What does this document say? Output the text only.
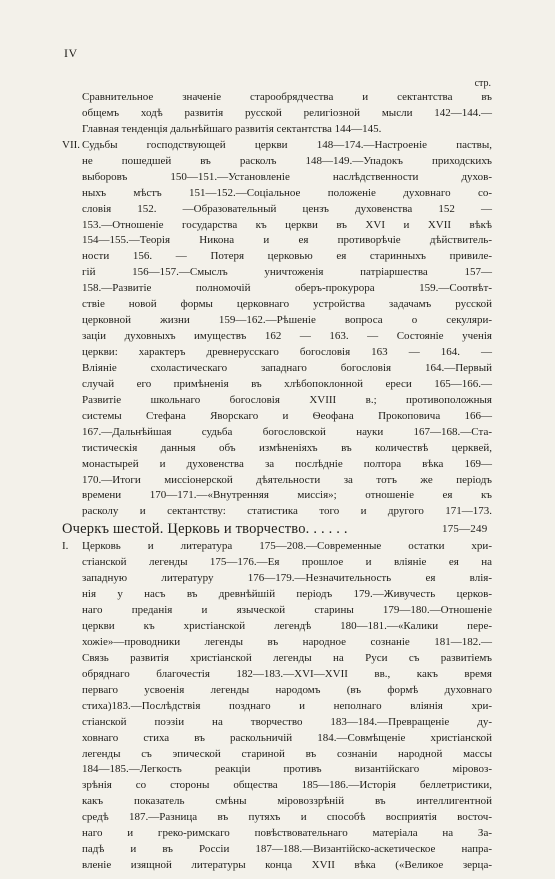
IV
стр.
Сравнительное значеніе старообрядчества и сектантства въ
общемъ ходѣ развитія русской религіозной мысли 142—144.—
Главная тенденція дальнѣйшаго развитія сектантства 144—145.
VII. Судьбы господствующей церкви 148—174.—Настроеніе паствы,
не пошедшей въ расколъ 148—149.—Упадокъ приходскихъ
выборовъ 150—151.—Установленіе наслѣдственности духов-
ныхъ мѣстъ 151—152.—Соціальное положеніе духовнаго со-
словія 152. —Образовательный цензъ духовенства 152 —
153.—Отношеніе государства къ церкви въ XVI и XVII вѣкѣ
154—155.—Теорія Никона и ея противорѣчіе дѣйствитель-
ности 156. — Потеря церковью ея старинныхъ привиле-
гій 156—157.—Смыслъ уничтоженія патріаршества 157—
158.—Развитіе полномочій оберъ-прокурора 159.—Соотвѣт-
ствіе новой формы церковнаго устройства задачамъ русской
церковной жизни 159—162.—Рѣшеніе вопроса о секуляри-
заціи духовныхъ имуществъ 162 — 163. — Состояніе ученія
церкви: характеръ древнерусскаго богословія 163 — 164. —
Вліяніе схоластическаго западнаго богословія 164.—Первый
случай его примѣненія въ хлѣбопоклонной ереси 165—166.—
Развитіе школьнаго богословія XVIII в.; противоположныя
системы Стефана Яворскаго и Ѳеофана Прокоповича 166—
167.—Дальнѣйшая судьба богословской науки 167—168.—Ста-
тистическія данныя объ измѣненіяхъ въ количествѣ церквей,
монастырей и духовенства за послѣдніе полтора вѣка 169—
170.—Итоги миссіонерской дѣятельности за тотъ же періодъ
времени 170—171.—«Внутренняя миссія»; отношеніе ея къ
расколу и сектантству: статистика того и другого 171—173.
Очеркъ шестой. Церковь и творчество. . . . . .	175—249
I. Церковь и литература 175—208.—Современные остатки хри-
стіанской легенды 175—176.—Ея прошлое и вліяніе ея на
западную литературу 176—179.—Незначительность ея влія-
нія у насъ въ древнѣйшій періодъ 179.—Живучесть церков-
наго преданія и языческой старины 179—180.—Отношеніе
церкви къ христіанской легендѣ 180—181.—«Калики пере-
хожіе»—проводники легенды въ народное сознаніе 181—182.—
Связь развитія христіанской легенды на Руси съ развитіемъ
обряднаго благочестія 182—183.—XVI—XVII вв., какъ время
перваго усвоенія легенды народомъ (въ формѣ духовнаго
стиха)183.—Послѣдствія позднаго и неполнаго вліянія хри-
стіанской поэзіи на творчество 183—184.—Превращеніе ду-
ховнаго стиха въ раскольничій 184.—Совмѣщеніе христіанской
легенды съ эпической стариной въ сознаніи народной массы
184—185.—Легкость реакціи противъ византійскаго міровоз-
зрѣнія со стороны общества 185—186.—Исторія беллетристики,
какъ показатель смѣны міровоззрѣній въ интеллигентной
средѣ 187.—Разница въ путяхъ и способѣ восприятія восточ-
наго и греко-римскаго повѣствовательнаго матеріала на За-
падѣ и въ Россіи 187—188.—Византійско-аскетическое напра-
вленіе изящной литературы конца XVII вѣка («Великое зерца-
